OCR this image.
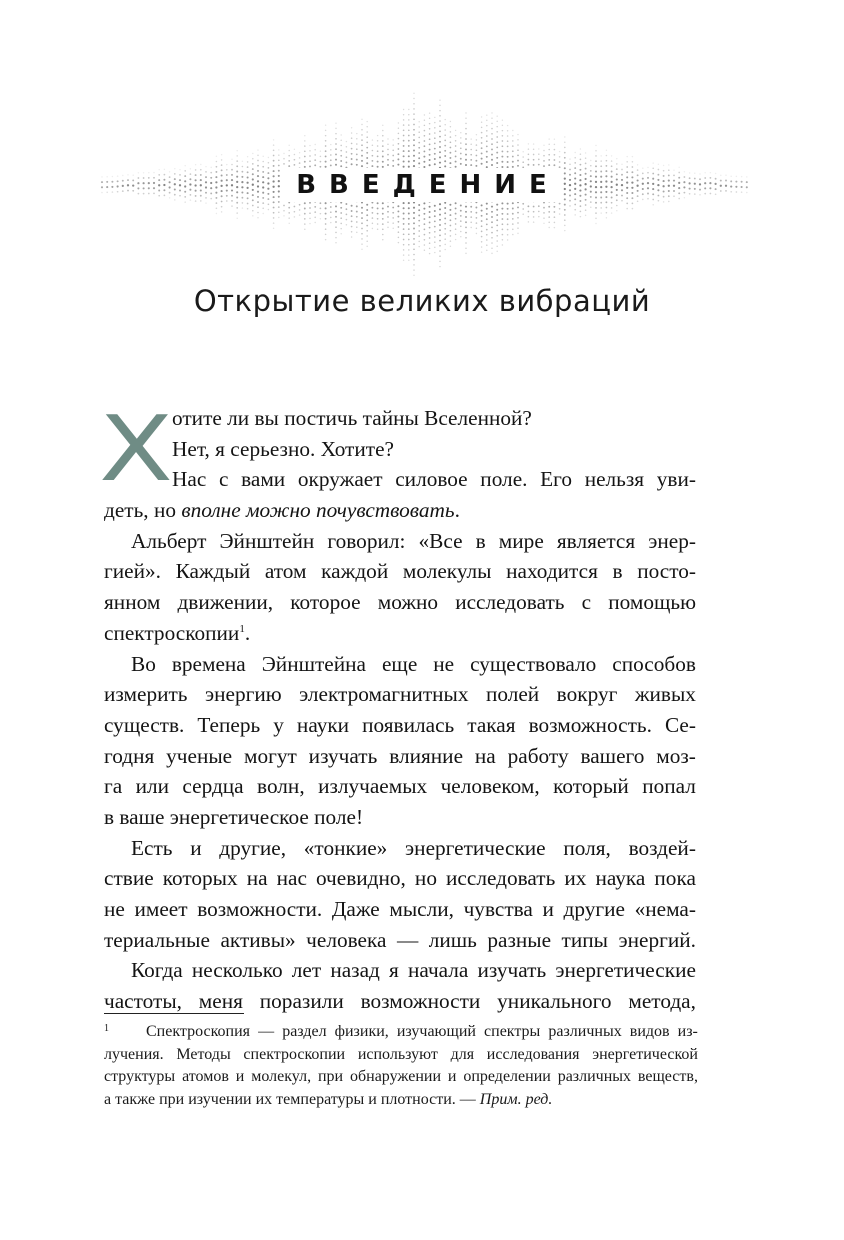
ВВЕДЕНИЕ
Открытие великих вибраций
Х отите ли вы постичь тайны Вселенной?
Нет, я серьезно. Хотите?
Нас с вами окружает силовое поле. Его нельзя уви-
деть, но вполне можно почувствовать.
Альберт Эйнштейн говорил: «Все в мире является энер-
гией». Каждый атом каждой молекулы находится в посто-
янном движении, которое можно исследовать с помощью
спектроскопии$^1$.
Во времена Эйнштейна еще не существовало способов
измерить энергию электромагнитных полей вокруг живых
существ. Теперь у науки появилась такая возможность. Се-
годня ученые могут изучать влияние на работу вашего моз-
га или сердца волн, излучаемых человеком, который попал
в ваше энергетическое поле!
Есть и другие, «тонкие» энергетические поля, воздей-
ствие которых на нас очевидно, но исследовать их наука пока
не имеет возможности. Даже мысли, чувства и другие «нема-
териальные активы» человека — лишь разные типы энергий.
Когда несколько лет назад я начала изучать энергетические
частоты, меня поразили возможности уникального метода,
1 Спектроскопия — раздел физики, изучающий спектры различных видов из-
лучения. Методы спектроскопии используют для исследования энергетической
структуры атомов и молекул, при обнаружении и определении различных веществ,
а также при изучении их температуры и плотности. — Прим. ред.
